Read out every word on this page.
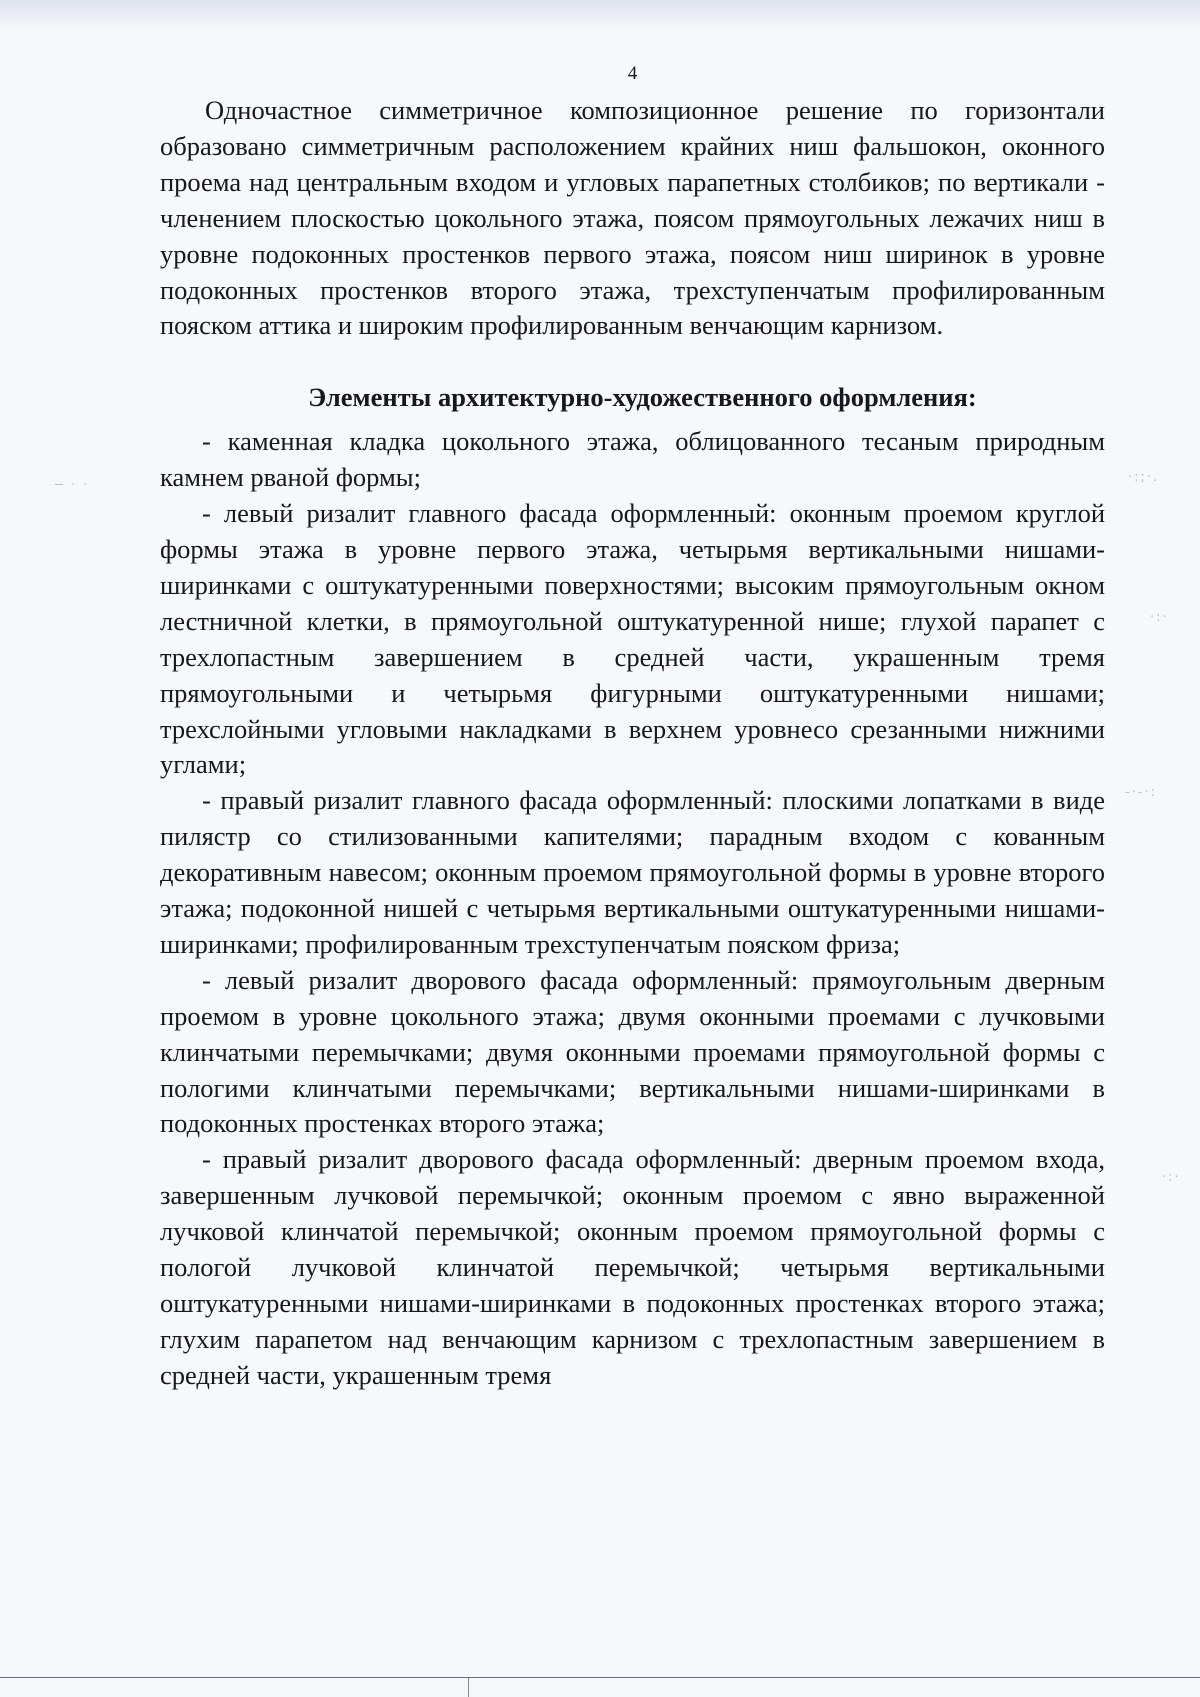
─ · ·
·:;·.
·:·
-·-·:
·:·
4

Одночастное симметричное композиционное решение по горизонтали образовано симметричным расположением крайних ниш фальшокон, оконного проема над центральным входом и угловых парапетных столбиков; по вертикали - членением плоскостью цокольного этажа, поясом прямоугольных лежачих ниш в уровне подоконных простенков первого этажа, поясом ниш ширинок в уровне подоконных простенков второго этажа, трехступенчатым профилированным пояском аттика и широким профилированным венчающим карнизом.

Элементы архитектурно-художественного оформления:

- каменная кладка цокольного этажа, облицованного тесаным природным камнем рваной формы;

- левый ризалит главного фасада оформленный: оконным проемом круглой формы этажа в уровне первого этажа, четырьмя вертикальными нишами-ширинками с оштукатуренными поверхностями; высоким прямоугольным окном лестничной клетки, в прямоугольной оштукатуренной нише; глухой парапет с трехлопастным завершением в средней части, украшенным тремя прямоугольными и четырьмя фигурными оштукатуренными нишами; трехслойными угловыми накладками в верхнем уровнесо срезанными нижними углами;

- правый ризалит главного фасада оформленный: плоскими лопатками в виде пилястр со стилизованными капителями; парадным входом с кованным декоративным навесом; оконным проемом прямоугольной формы в уровне второго этажа; подоконной нишей с четырьмя вертикальными оштукатуренными нишами-ширинками; профилированным трехступенчатым пояском фриза;

- левый ризалит дворового фасада оформленный: прямоугольным дверным проемом в уровне цокольного этажа; двумя оконными проемами с лучковыми клинчатыми перемычками; двумя оконными проемами прямоугольной формы с пологими клинчатыми перемычками; вертикальными нишами-ширинками в подоконных простенках второго этажа;

- правый ризалит дворового фасада оформленный: дверным проемом входа, завершенным лучковой перемычкой; оконным проемом с явно выраженной лучковой клинчатой перемычкой; оконным проемом прямоугольной формы с пологой лучковой клинчатой перемычкой; четырьмя вертикальными оштукатуренными нишами-ширинками в подоконных простенках второго этажа; глухим парапетом над венчающим карнизом с трехлопастным завершением в средней части, украшенным тремя
